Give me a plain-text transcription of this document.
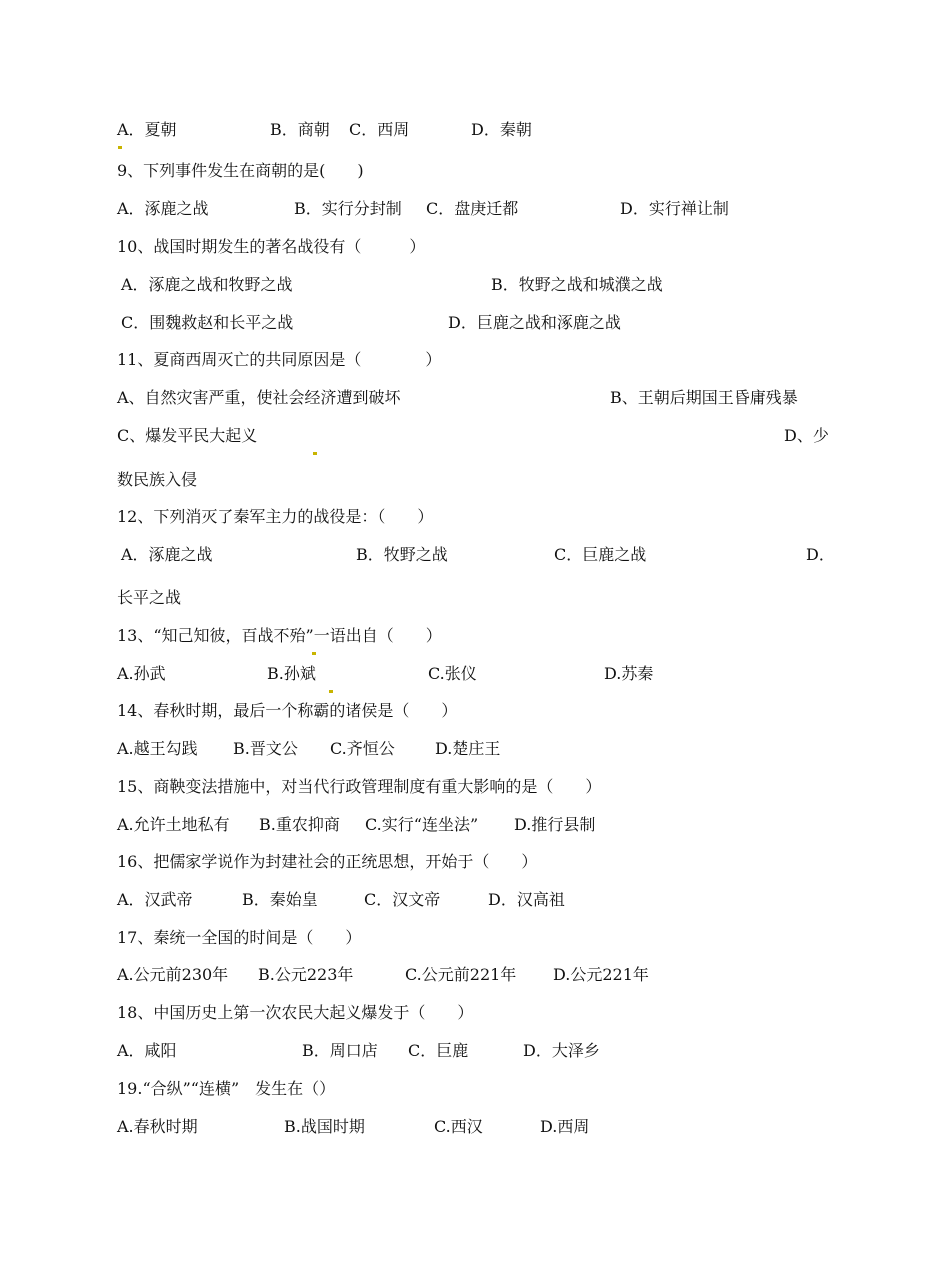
A．夏朝	B．商朝 C．西周	D．秦朝
9、下列事件发生在商朝的是(　　)
A．涿鹿之战	B．实行分封制 C．盘庚迁都	D．实行禅让制
10、战国时期发生的著名战役有（　　　）
A．涿鹿之战和牧野之战	B．牧野之战和城濮之战
C．围魏救赵和长平之战	D．巨鹿之战和涿鹿之战
11、夏商西周灭亡的共同原因是（　　　　）
A、自然灾害严重，使社会经济遭到破坏	B、王朝后期国王昏庸残暴
C、爆发平民大起义	D、少
数民族入侵
12、下列消灭了秦军主力的战役是：（　　）
A．涿鹿之战	B．牧野之战	C．巨鹿之战	D．
长平之战
13、“知己知彼，百战不殆”一语出自（　　）
A.孙武	B.孙斌	C.张仪	D.苏秦
14、春秋时期，最后一个称霸的诸侯是（　　）
A.越王勾践 B.晋文公 C.齐恒公	D.楚庄王
15、商鞅变法措施中，对当代行政管理制度有重大影响的是（　　）
A.允许土地私有 B.重农抑商 C.实行“连坐法” D.推行县制
16、把儒家学说作为封建社会的正统思想，开始于（　　）
A．汉武帝	B．秦始皇	C．汉文帝	D．汉高祖
17、秦统一全国的时间是（　　）
A.公元前230年 B.公元223年	C.公元前221年 D.公元221年
18、中国历史上第一次农民大起义爆发于（　　）
A．咸阳	B．周口店 C．巨鹿	D．大泽乡
19.“合纵”“连横”　发生在（）
A.春秋时期	B.战国时期	C.西汉	D.西周
